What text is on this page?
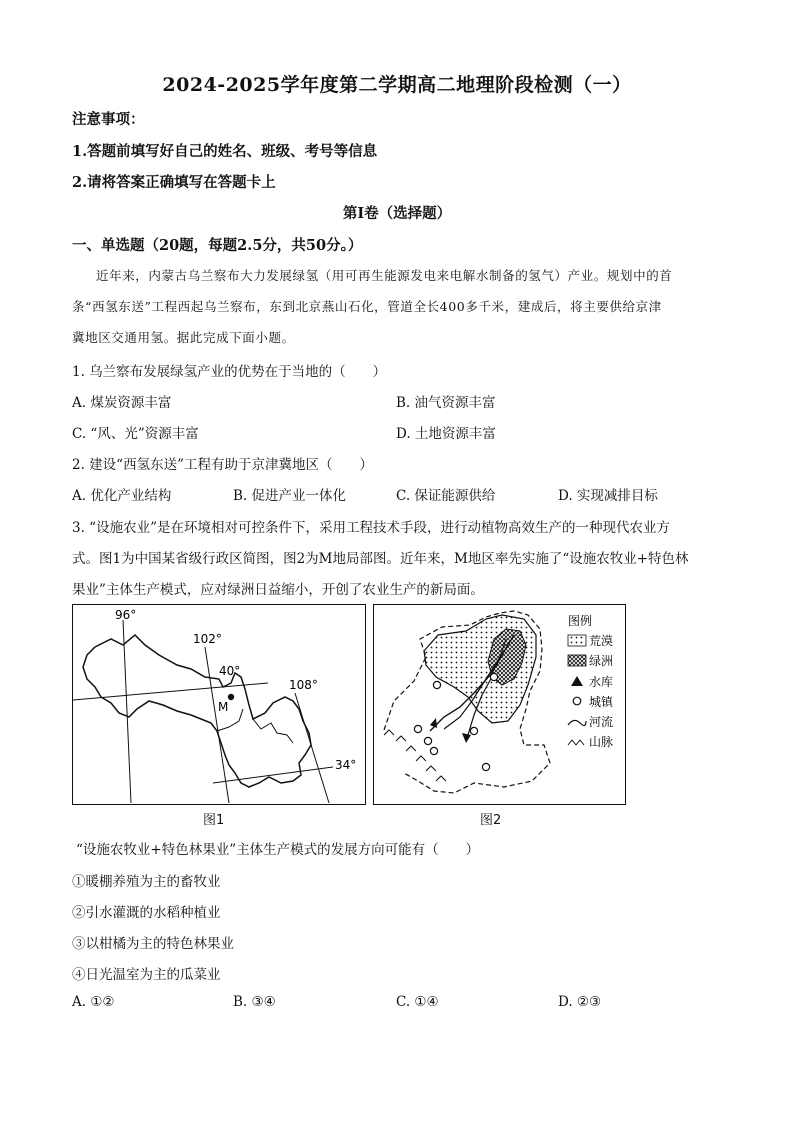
2024-2025学年度第二学期高二地理阶段检测（一）
注意事项：
1.答题前填写好自己的姓名、班级、考号等信息
2.请将答案正确填写在答题卡上
第Ⅰ卷（选择题）
一、单选题（20题，每题2.5分，共50分。）
近年来，内蒙古乌兰察布大力发展绿氢（用可再生能源发电来电解水制备的氢气）产业。规划中的首
条“西氢东送”工程西起乌兰察布，东到北京燕山石化，管道全长400多千米，建成后，将主要供给京津
冀地区交通用氢。据此完成下面小题。
1. 乌兰察布发展绿氢产业的优势在于当地的（　　）
A. 煤炭资源丰富	B. 油气资源丰富
C. “风、光”资源丰富	D. 土地资源丰富
2. 建设“西氢东送”工程有助于京津冀地区（　　）
A. 优化产业结构	B. 促进产业一体化	C. 保证能源供给	D. 实现减排目标
3. “设施农业”是在环境相对可控条件下，采用工程技术手段，进行动植物高效生产的一种现代农业方
式。图1为中国某省级行政区简图，图2为M地局部图。近年来，M地区率先实施了“设施农牧业+特色林
果业”主体生产模式，应对绿洲日益缩小，开创了农业生产的新局面。
96°
102°
40°
108°
34°
M
图1
图例
荒漠
绿洲
水库
城镇
河流
山脉
图2
“设施农牧业+特色林果业”主体生产模式的发展方向可能有（　　）
①暖棚养殖为主的畜牧业
②引水灌溉的水稻种植业
③以柑橘为主的特色林果业
④日光温室为主的瓜菜业
A. ①②	B. ③④	C. ①④	D. ②③
